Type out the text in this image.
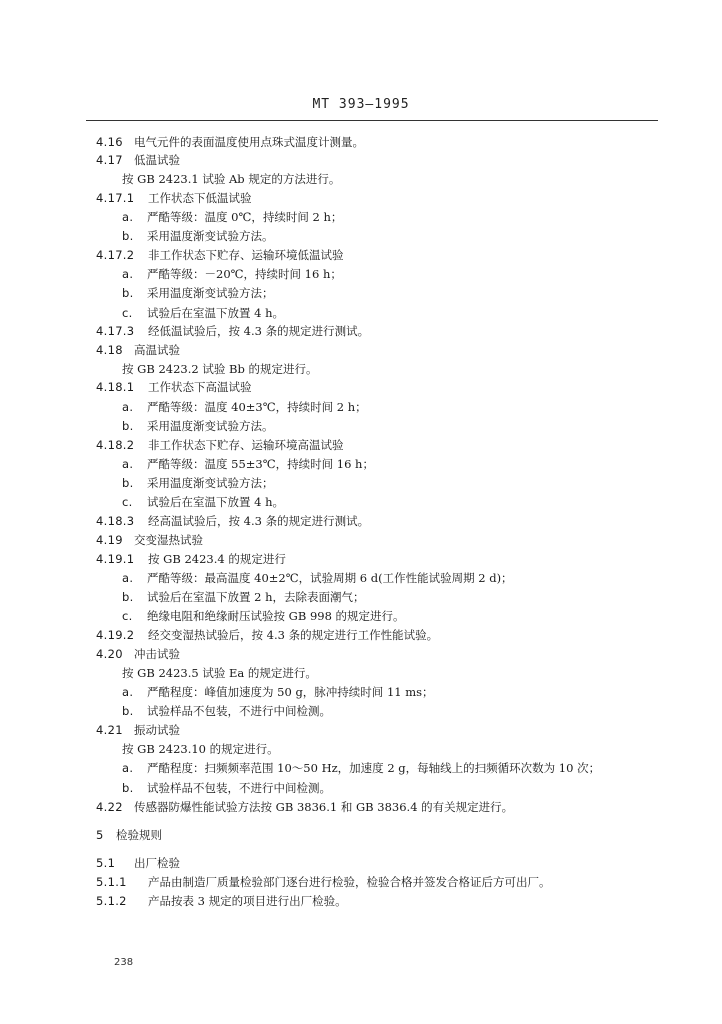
MT 393—1995
4.16 电气元件的表面温度使用点珠式温度计测量。
4.17 低温试验
按 GB 2423.1 试验 Ab 规定的方法进行。
4.17.1 工作状态下低温试验
a. 严酷等级：温度 0℃，持续时间 2 h；
b. 采用温度渐变试验方法。
4.17.2 非工作状态下贮存、运输环境低温试验
a. 严酷等级：－20℃，持续时间 16 h；
b. 采用温度渐变试验方法；
c. 试验后在室温下放置 4 h。
4.17.3 经低温试验后，按 4.3 条的规定进行测试。
4.18 高温试验
按 GB 2423.2 试验 Bb 的规定进行。
4.18.1 工作状态下高温试验
a. 严酷等级：温度 40±3℃，持续时间 2 h；
b. 采用温度渐变试验方法。
4.18.2 非工作状态下贮存、运输环境高温试验
a. 严酷等级：温度 55±3℃，持续时间 16 h；
b. 采用温度渐变试验方法；
c. 试验后在室温下放置 4 h。
4.18.3 经高温试验后，按 4.3 条的规定进行测试。
4.19 交变湿热试验
4.19.1 按 GB 2423.4 的规定进行
a. 严酷等级：最高温度 40±2℃，试验周期 6 d(工作性能试验周期 2 d)；
b. 试验后在室温下放置 2 h，去除表面潮气；
c. 绝缘电阻和绝缘耐压试验按 GB 998 的规定进行。
4.19.2 经交变湿热试验后，按 4.3 条的规定进行工作性能试验。
4.20 冲击试验
按 GB 2423.5 试验 Ea 的规定进行。
a. 严酷程度：峰值加速度为 50 g，脉冲持续时间 11 ms；
b. 试验样品不包装，不进行中间检测。
4.21 振动试验
按 GB 2423.10 的规定进行。
a. 严酷程度：扫频频率范围 10～50 Hz，加速度 2 g，每轴线上的扫频循环次数为 10 次；
b. 试验样品不包装，不进行中间检测。
4.22 传感器防爆性能试验方法按 GB 3836.1 和 GB 3836.4 的有关规定进行。
5 检验规则
5.1 出厂检验
5.1.1 产品由制造厂质量检验部门逐台进行检验，检验合格并签发合格证后方可出厂。
5.1.2 产品按表 3 规定的项目进行出厂检验。
238
